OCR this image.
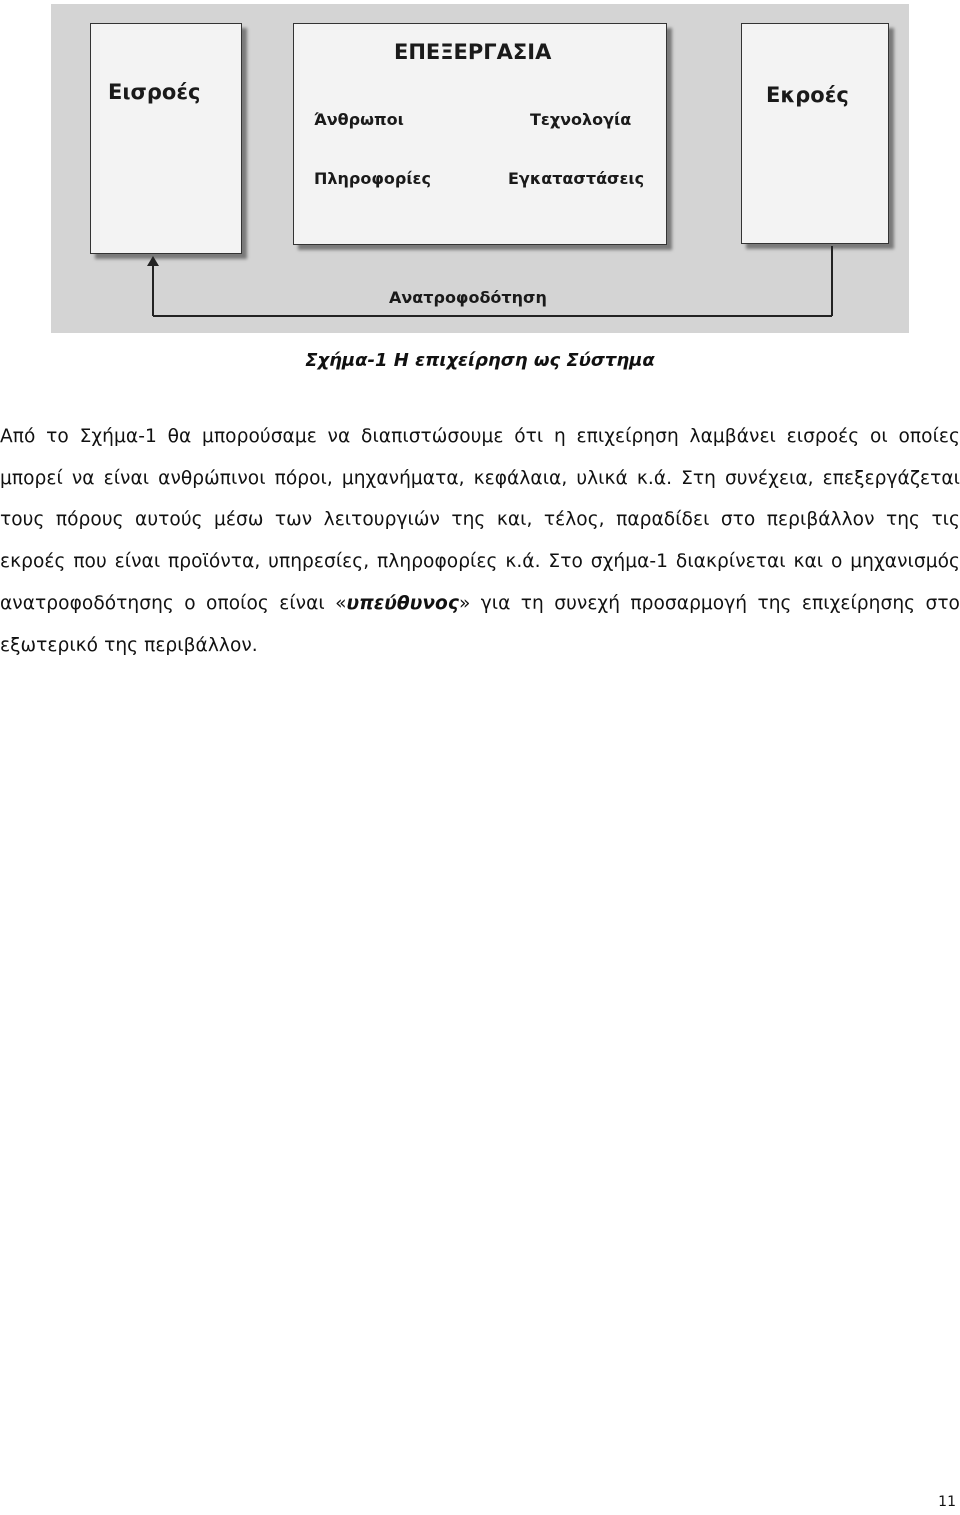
Εισροές
ΕΠΕΞΕΡΓΑΣΙΑ
Άνθρωποι	Τεχνολογία
Πληροφορίες	Εγκαταστάσεις
Εκροές
Ανατροφοδότηση
Σχήμα-1 Η επιχείρηση ως Σύστημα

Από το Σχήμα-1 θα μπορούσαμε να διαπιστώσουμε ότι η επιχείρηση λαμβάνει εισροές οι οποίες μπορεί να είναι ανθρώπινοι πόροι, μηχανήματα, κεφάλαια, υλικά κ.ά. Στη συνέχεια, επεξεργάζεται τους πόρους αυτούς μέσω των λειτουργιών της και, τέλος, παραδίδει στο περιβάλλον της τις εκροές που είναι προϊόντα, υπηρεσίες, πληροφορίες κ.ά. Στο σχήμα-1 διακρίνεται και ο μηχανισμός ανατροφοδότησης ο οποίος είναι «υπεύθυνος» για τη συνεχή προσαρμογή της επιχείρησης στο εξωτερικό της περιβάλλον.

11
